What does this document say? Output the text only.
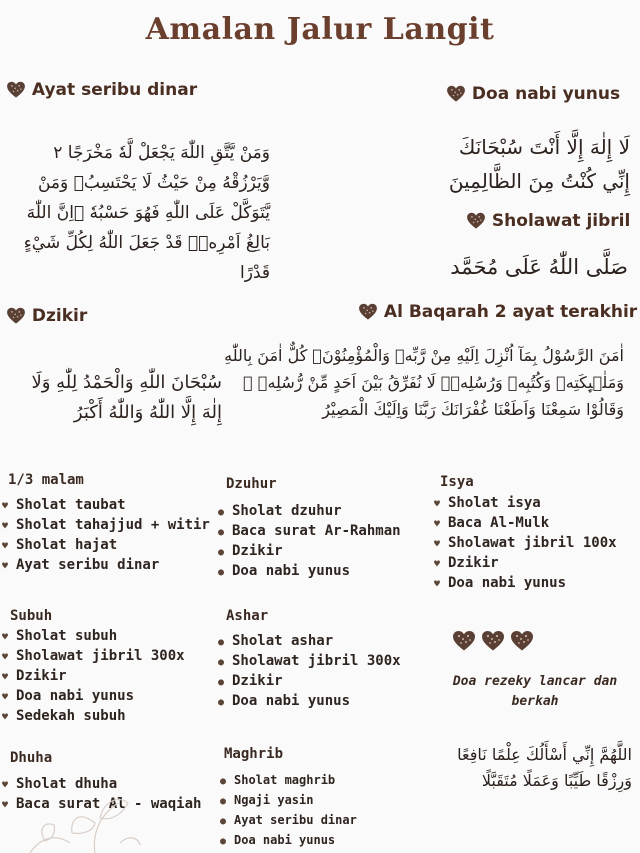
Amalan Jalur Langit
Ayat seribu dinar
وَمَنْ يَّتَّقِ اللّٰهَ يَجْعَلْ لَّهٗ مَخْرَجًا ٢ وَّيَرْزُقْهُ مِنْ حَيْثُ لَا يَحْتَسِبُۗ وَمَنْ يَّتَوَكَّلْ عَلَى اللّٰهِ فَهُوَ حَسْبُهٗ ۗاِنَّ اللّٰهَ بَالِغُ اَمْرِهٖۗ قَدْ جَعَلَ اللّٰهُ لِكُلِّ شَيْءٍ قَدْرًا
Doa nabi yunus
لَا إِلٰهَ إِلَّا أَنْتَ سُبْحَانَكَ إِنِّي كُنْتُ مِنَ الظَّالِمِينَ
Sholawat jibril
صَلَّى اللّٰهُ عَلَى مُحَمَّد
Dzikir
سُبْحَانَ اللّٰهِ وَالْحَمْدُ لِلّٰهِ وَلَا إِلٰهَ إِلَّا اللّٰهُ وَاللّٰهُ أَكْبَرُ
Al Baqarah 2 ayat terakhir
اٰمَنَ الرَّسُوْلُ بِمَآ اُنْزِلَ اِلَيْهِ مِنْ رَّبِّهٖ وَالْمُؤْمِنُوْنَۗ كُلٌّ اٰمَنَ بِاللّٰهِ وَمَلٰۤىِٕكَتِهٖ وَكُتُبِهٖ وَرُسُلِهٖۗ لَا نُفَرِّقُ بَيْنَ اَحَدٍ مِّنْ رُّسُلِهٖ ۗ وَقَالُوْا سَمِعْنَا وَاَطَعْنَا غُفْرَانَكَ رَبَّنَا وَاِلَيْكَ الْمَصِيْرُ
1/3 malam
♥ Sholat taubat
♥ Sholat tahajjud + witir
♥ Sholat hajat
♥ Ayat seribu dinar
Dzuhur
● Sholat dzuhur
● Baca surat Ar-Rahman
● Dzikir
● Doa nabi yunus
Isya
♥ Sholat isya
♥ Baca Al-Mulk
♥ Sholawat jibril 100x
♥ Dzikir
♥ Doa nabi yunus
Subuh
♥ Sholat subuh
♥ Sholawat jibril 300x
♥ Dzikir
♥ Doa nabi yunus
♥ Sedekah subuh
Ashar
● Sholat ashar
● Sholawat jibril 300x
● Dzikir
● Doa nabi yunus
Dhuha
♥ Sholat dhuha
♥ Baca surat Al - waqiah
Maghrib
● Sholat maghrib
● Ngaji yasin
● Ayat seribu dinar
● Doa nabi yunus

Doa rezeky lancar dan
berkah
اللَّهُمَّ إِنِّي أَسْأَلُكَ عِلْمًا نَافِعًا وَرِزْقًا طَيِّبًا وَعَمَلًا مُتَقَبَّلًا
